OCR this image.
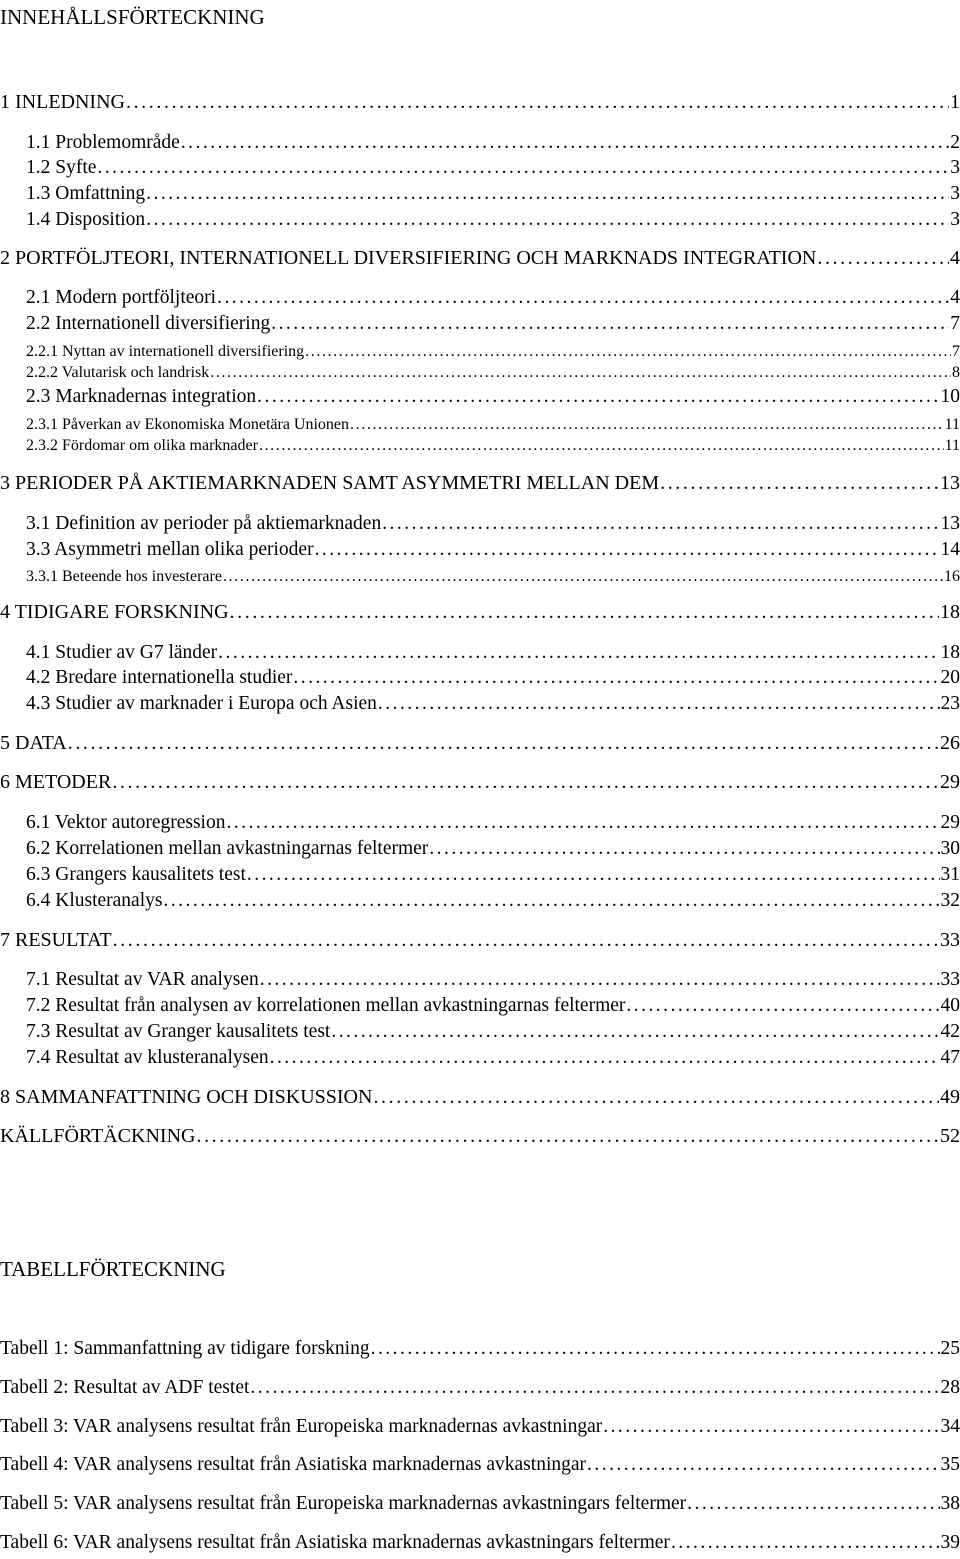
INNEHÅLLSFÖRTECKNING
1 INLEDNING . . .	1
1.1 Problemområde . . .	2
1.2 Syfte . . .	3
1.3 Omfattning . . .	3
1.4 Disposition . . .	3
2 PORTFÖLJTEORI, INTERNATIONELL DIVERSIFIERING OCH MARKNADS INTEGRATION . . .	4
2.1 Modern portföljteori . . .	4
2.2 Internationell diversifiering . . .	7
2.2.1 Nyttan av internationell diversifiering . . .	7
2.2.2 Valutarisk och landrisk . . .	8
2.3 Marknadernas integration . . .	10
2.3.1 Påverkan av Ekonomiska Monetära Unionen . . .	11
2.3.2 Fördomar om olika marknader . . .	11
3 PERIODER PÅ AKTIEMARKNADEN SAMT ASYMMETRI MELLAN DEM . . .	13
3.1 Definition av perioder på aktiemarknaden . . .	13
3.3 Asymmetri mellan olika perioder . . .	14
3.3.1 Beteende hos investerare . . .	16
4 TIDIGARE FORSKNING . . .	18
4.1 Studier av G7 länder . . .	18
4.2 Bredare internationella studier . . .	20
4.3 Studier av marknader i Europa och Asien . . .	23
5 DATA . . .	26
6 METODER . . .	29
6.1 Vektor autoregression . . .	29
6.2 Korrelationen mellan avkastningarnas feltermer . . .	30
6.3 Grangers kausalitets test . . .	31
6.4 Klusteranalys . . .	32
7 RESULTAT . . .	33
7.1 Resultat av VAR analysen . . .	33
7.2 Resultat från analysen av korrelationen mellan avkastningarnas feltermer . . .	40
7.3 Resultat av Granger kausalitets test . . .	42
7.4 Resultat av klusteranalysen . . .	47
8 SAMMANFATTNING OCH DISKUSSION . . .	49
KÄLLFÖRTÄCKNING . . .	52
TABELLFÖRTECKNING
Tabell 1: Sammanfattning av tidigare forskning . . .	25
Tabell 2: Resultat av ADF testet . . .	28
Tabell 3: VAR analysens resultat från Europeiska marknadernas avkastningar . . .	34
Tabell 4: VAR analysens resultat från Asiatiska marknadernas avkastningar . . .	35
Tabell 5: VAR analysens resultat från Europeiska marknadernas avkastningars feltermer . . .	38
Tabell 6: VAR analysens resultat från Asiatiska marknadernas avkastningars feltermer . . .	39
